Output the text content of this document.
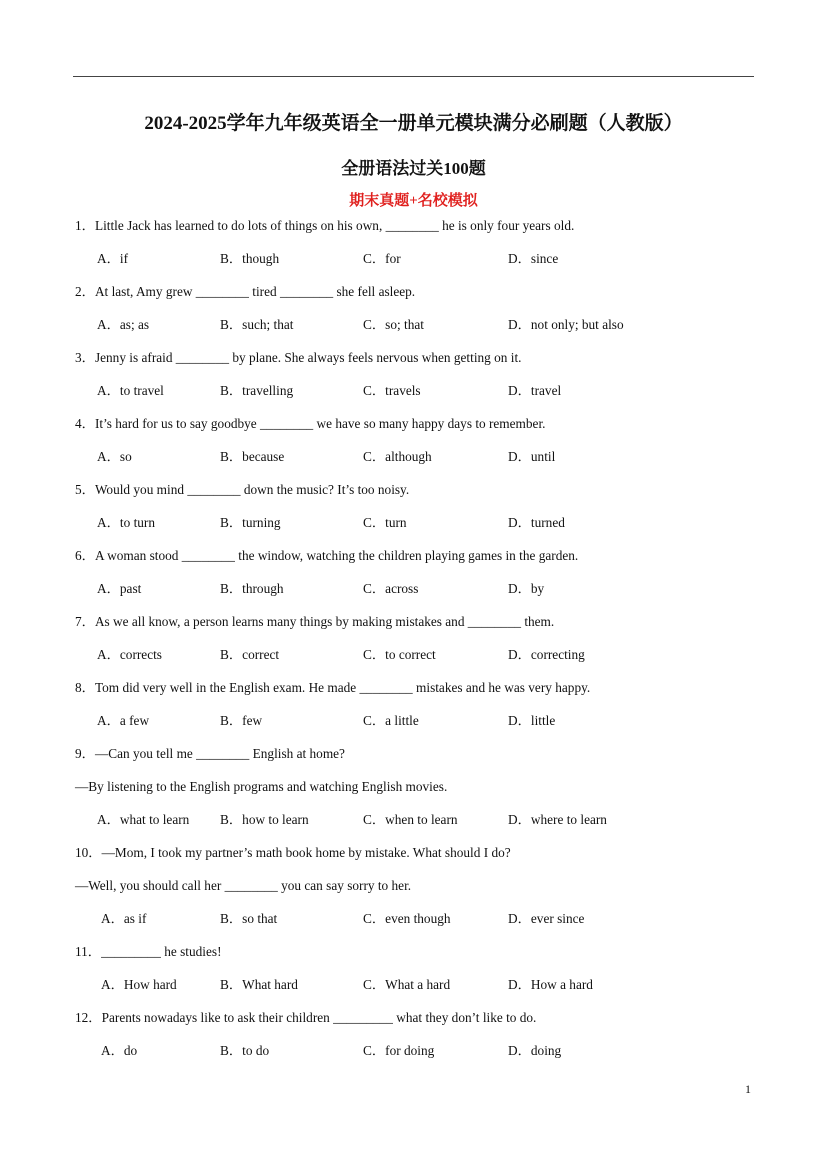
2024-2025学年九年级英语全一册单元模块满分必刷题（人教版）
全册语法过关100题
期末真题+名校模拟
1．Little Jack has learned to do lots of things on his own, ________ he is only four years old.
A．if	B．though	C．for	D．since
2．At last, Amy grew ________ tired ________ she fell asleep.
A．as; as	B．such; that	C．so; that	D．not only; but also
3．Jenny is afraid ________ by plane. She always feels nervous when getting on it.
A．to travel	B．travelling	C．travels	D．travel
4．It’s hard for us to say goodbye ________ we have so many happy days to remember.
A．so	B．because	C．although	D．until
5．Would you mind ________ down the music? It’s too noisy.
A．to turn	B．turning	C．turn	D．turned
6．A woman stood ________ the window, watching the children playing games in the garden.
A．past	B．through	C．across	D．by
7．As we all know, a person learns many things by making mistakes and ________ them.
A．corrects	B．correct	C．to correct	D．correcting
8．Tom did very well in the English exam. He made ________ mistakes and he was very happy.
A．a few	B．few	C．a little	D．little
9．—Can you tell me ________ English at home?
—By listening to the English programs and watching English movies.
A．what to learn B．how to learn	C．when to learn	D．where to learn
10．—Mom, I took my partner’s math book home by mistake. What should I do?
—Well, you should call her ________ you can say sorry to her.
A．as if	B．so that	C．even though	D．ever since
11．_________ he studies!
A．How hard	B．What hard	C．What a hard	D．How a hard
12．Parents nowadays like to ask their children _________ what they don’t like to do.
A．do	B．to do	C．for doing	D．doing
1
